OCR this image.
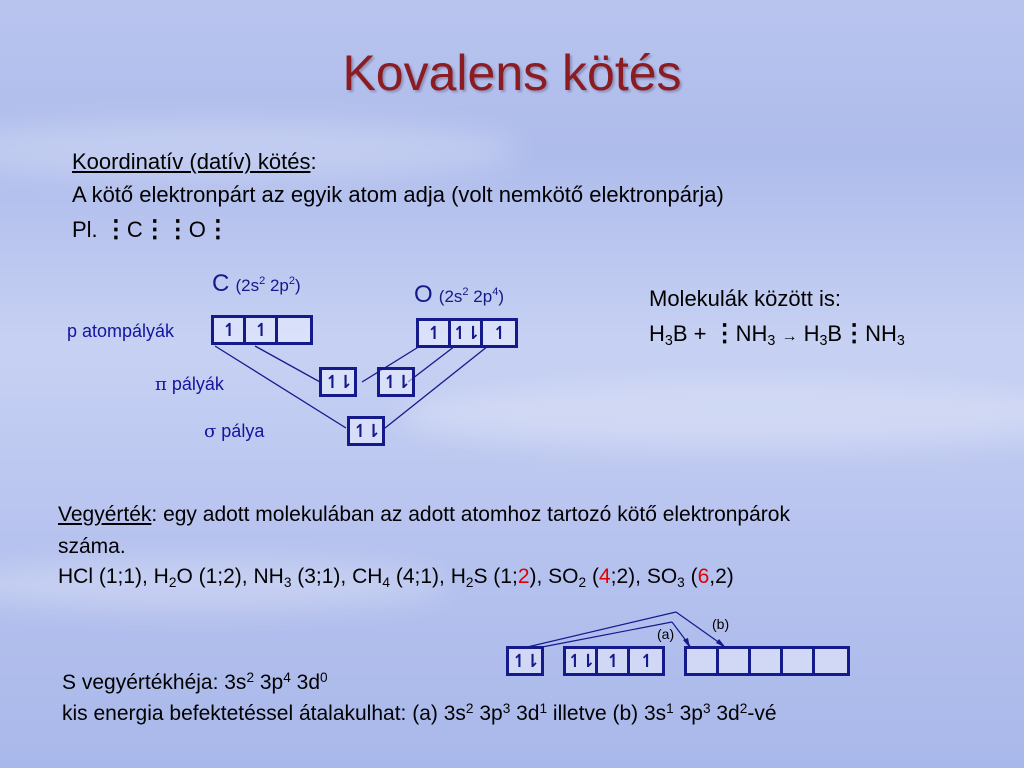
Kovalens kötés
Koordinatív (datív) kötés:
A kötő elektronpárt az egyik atom adja (volt nemkötő elektronpárja)
Pl. ⋮C⋮⋮O⋮
C ($2s^2$ $2p^2$)	O ($2s^2$ $2p^4$)
p atompályák
π pályák
σ pálya
↿	↿	↿ ↿⇂ ↿
↿⇂ ↿⇂
↿⇂
Molekulák között is:
$H_3B$ + $⋮NH_3$ → $H_3B⋮NH_3$
Vegyérték: egy adott molekulában az adott atomhoz tartozó kötő elektronpárok
száma.
HCl (1;1), $H_2O$ (1;2), $NH_3$ (3;1), $CH_4$ (4;1), $H_2S$ (1;2), $SO_2$ (4;2), $SO_3$ (6,2)
(a)
(b)
↿⇂ ↿⇂ ↿	↿
S vegyértékhéja: $3s^2$ $3p^4$ $3d^0$
kis energia befektetéssel átalakulhat: (a) $3s^2$ $3p^3$ $3d^1$ illetve (b) $3s^1$ $3p^3$ $3d^2-vé$
